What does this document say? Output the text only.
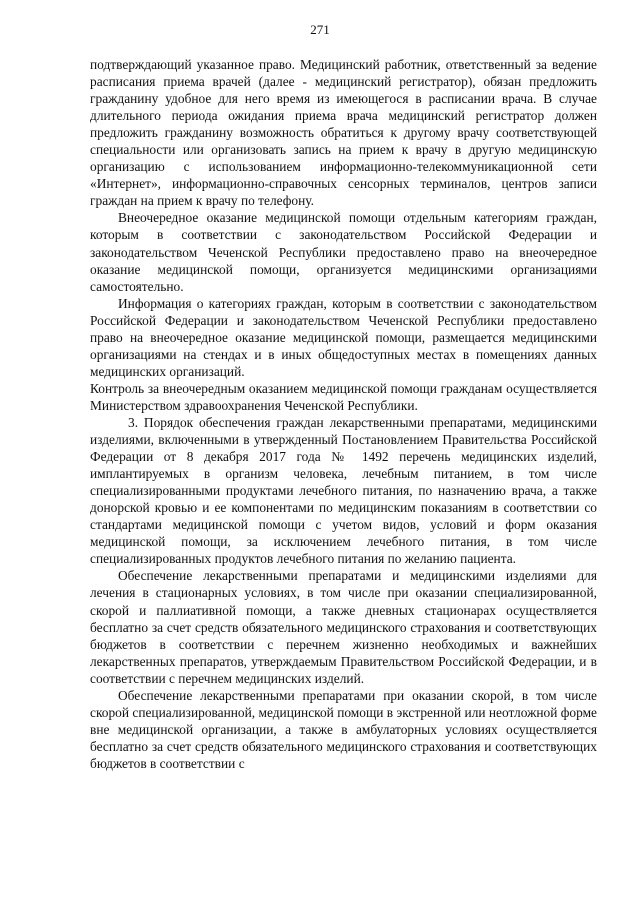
271

подтверждающий указанное право. Медицинский работник, ответственный за ведение расписания приема врачей (далее - медицинский регистратор), обязан предложить гражданину удобное для него время из имеющегося в расписании врача. В случае длительного периода ожидания приема врача медицинский регистратор должен предложить гражданину возможность обратиться к другому врачу соответствующей специальности или организовать запись на прием к врачу в другую медицинскую организацию с использованием информационно-телекоммуникационной сети «Интернет», информационно-справочных сенсорных терминалов, центров записи граждан на прием к врачу по телефону.

Внеочередное оказание медицинской помощи отдельным категориям граждан, которым в соответствии с законодательством Российской Федерации и законодательством Чеченской Республики предоставлено право на внеочередное оказание медицинской помощи, организуется медицинскими организациями самостоятельно.

Информация о категориях граждан, которым в соответствии с законодательством Российской Федерации и законодательством Чеченской Республики предоставлено право на внеочередное оказание медицинской помощи, размещается медицинскими организациями на стендах и в иных общедоступных местах в помещениях данных медицинских организаций.

Контроль за внеочередным оказанием медицинской помощи гражданам осуществляется Министерством здравоохранения Чеченской Республики.

3. Порядок обеспечения граждан лекарственными препаратами, медицинскими изделиями, включенными в утвержденный Постановлением Правительства Российской Федерации от 8 декабря 2017 года № 1492 перечень медицинских изделий, имплантируемых в организм человека, лечебным питанием, в том числе специализированными продуктами лечебного питания, по назначению врача, а также донорской кровью и ее компонентами по медицинским показаниям в соответствии со стандартами медицинской помощи с учетом видов, условий и форм оказания медицинской помощи, за исключением лечебного питания, в том числе специализированных продуктов лечебного питания по желанию пациента.

Обеспечение лекарственными препаратами и медицинскими изделиями для лечения в стационарных условиях, в том числе при оказании специализированной, скорой и паллиативной помощи, а также дневных стационарах осуществляется бесплатно за счет средств обязательного медицинского страхования и соответствующих бюджетов в соответствии с перечнем жизненно необходимых и важнейших лекарственных препаратов, утверждаемым Правительством Российской Федерации, и в соответствии с перечнем медицинских изделий.

Обеспечение лекарственными препаратами при оказании скорой, в том числе скорой специализированной, медицинской помощи в экстренной или неотложной форме вне медицинской организации, а также в амбулаторных условиях осуществляется бесплатно за счет средств обязательного медицинского страхования и соответствующих бюджетов в соответствии с
